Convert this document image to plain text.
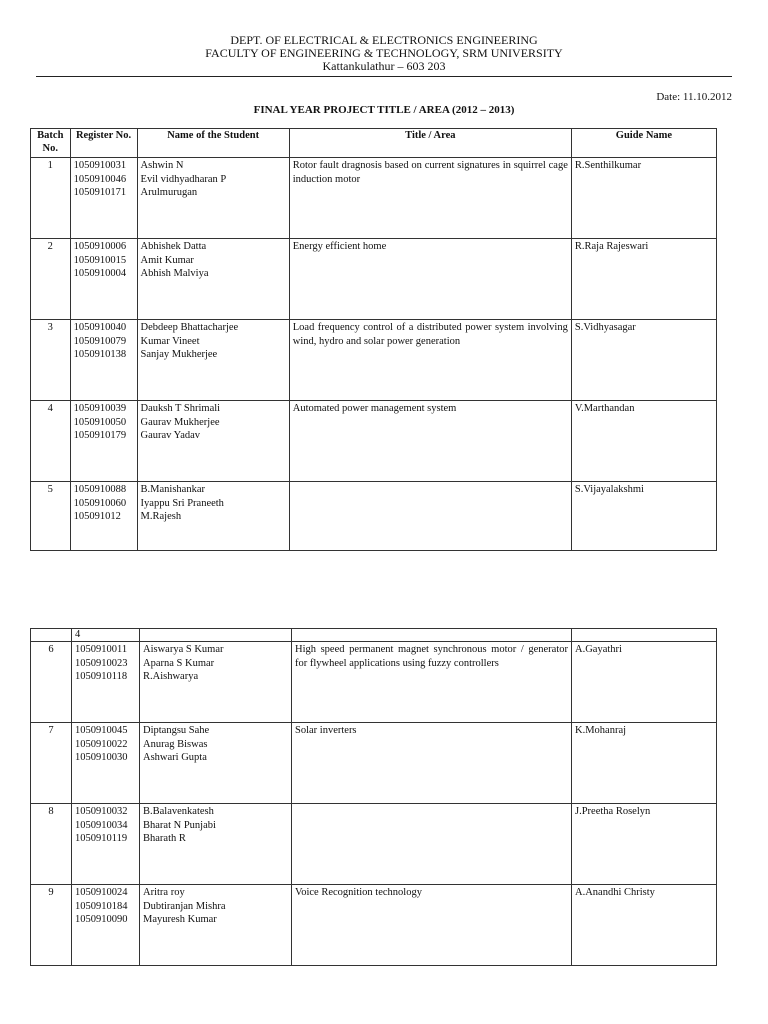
DEPT. OF ELECTRICAL & ELECTRONICS ENGINEERING
FACULTY OF ENGINEERING & TECHNOLOGY, SRM UNIVERSITY
Kattankulathur – 603 203
Date: 11.10.2012
FINAL YEAR PROJECT TITLE / AREA (2012 – 2013)
Batch No.	Register No.	Name of the Student	Title / Area	Guide Name
1	1050910031
1050910046
1050910171	Ashwin N
Evil vidhyadharan P
Arulmurugan	Rotor fault dragnosis based on current signatures in squirrel cage induction motor	R.Senthilkumar
2	1050910006
1050910015
1050910004	Abhishek Datta
Amit Kumar
Abhish Malviya	Energy efficient home	R.Raja Rajeswari
3	1050910040
1050910079
1050910138	Debdeep Bhattacharjee
Kumar Vineet
Sanjay Mukherjee	Load frequency control of a distributed power system involving wind, hydro and solar power generation	S.Vidhyasagar
4	1050910039
1050910050
1050910179	Dauksh T Shrimali
Gaurav Mukherjee
Gaurav Yadav	Automated power management system	V.Marthandan
5	1050910088
1050910060
105091012	B.Manishankar
Iyappu Sri Praneeth
M.Rajesh		S.Vijayalakshmi
	4			
6	1050910011
1050910023
1050910118	Aiswarya S Kumar
Aparna S Kumar
R.Aishwarya	High speed permanent magnet synchronous motor / generator for flywheel applications using fuzzy controllers	A.Gayathri
7	1050910045
1050910022
1050910030	Diptangsu Sahe
Anurag Biswas
Ashwari Gupta	Solar inverters	K.Mohanraj
8	1050910032
1050910034
1050910119	B.Balavenkatesh
Bharat N Punjabi
Bharath R		J.Preetha Roselyn
9	1050910024
1050910184
1050910090	Aritra roy
Dubtiranjan Mishra
Mayuresh Kumar	Voice Recognition technology	A.Anandhi Christy
